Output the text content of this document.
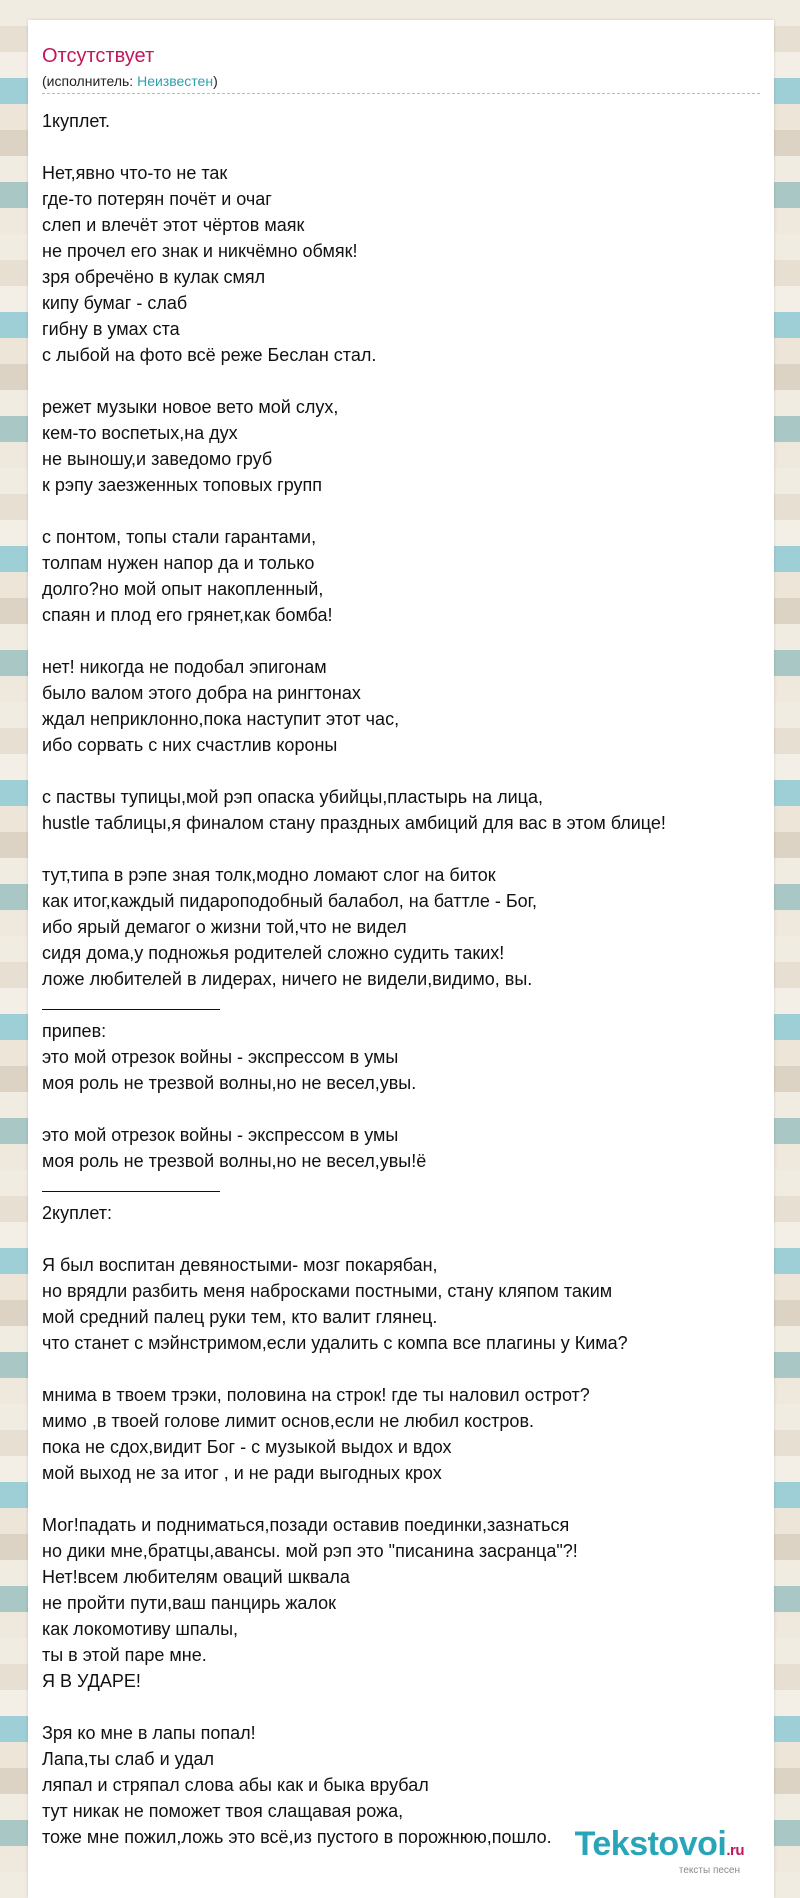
Отсутствует
(исполнитель: Неизвестен)
1куплет.
Нет,явно что-то не так
где-то потерян почёт и очаг
слеп и влечёт этот чёртов маяк
не прочел его знак и никчёмно обмяк!
зря обречёно в кулак смял
кипу бумаг - слаб
гибну в умах ста
с лыбой на фото всё реже Беслан стал.
режет музыки новое вето мой слух,
кем-то воспетых,на дух
не выношу,и заведомо груб
к рэпу заезженных топовых групп
с понтом, топы стали гарантами,
толпам нужен напор да и только
долго?но мой опыт накопленный,
спаян и плод его грянет,как бомба!
нет! никогда не подобал эпигонам
было валом этого добра на рингтонах
ждал неприклонно,пока наступит этот час,
ибо сорвать с них счастлив короны
с паствы тупицы,мой рэп опаска убийцы,пластырь на лица,
hustle таблицы,я финалом стану праздных амбиций для вас в этом блице!
тут,типа в рэпе зная толк,модно ломают слог на биток
как итог,каждый пидароподобный балабол, на баттле - Бог,
ибо ярый демагог о жизни той,что не видел
сидя дома,у подножья родителей сложно судить таких!
ложе любителей в лидерах, ничего не видели,видимо, вы.
припев:
это мой отрезок войны - экспрессом в умы
моя роль не трезвой волны,но не весел,увы.
это мой отрезок войны - экспрессом в умы
моя роль не трезвой волны,но не весел,увы!ё
2куплет:
Я был воспитан девяностыми- мозг покарябан,
но врядли разбить меня набросками постными, стану кляпом таким
мой средний палец руки тем, кто валит глянец.
что станет с мэйнстримом,если удалить с компа все плагины у Кима?
мнима в твоем трэки, половина на строк! где ты наловил острот?
мимо ,в твоей голове лимит основ,если не любил костров.
пока не сдох,видит Бог - с музыкой выдох и вдох
мой выход не за итог , и не ради выгодных крох
Мог!падать и подниматься,позади оставив поединки,зазнаться
но дики мне,братцы,авансы. мой рэп это "писанина засранца"?!
Нет!всем любителям оваций шквала
не пройти пути,ваш панцирь жалок
как локомотиву шпалы,
ты в этой паре мне.
Я В УДАРЕ!
Зря ко мне в лапы попал!
Лапа,ты слаб и удал
ляпал и стряпал слова абы как и быка врубал
тут никак не поможет твоя слащавая рожа,
тоже мне пожил,ложь это всё,из пустого в порожнюю,пошло. Tekstovoi.ru
тексты песен
